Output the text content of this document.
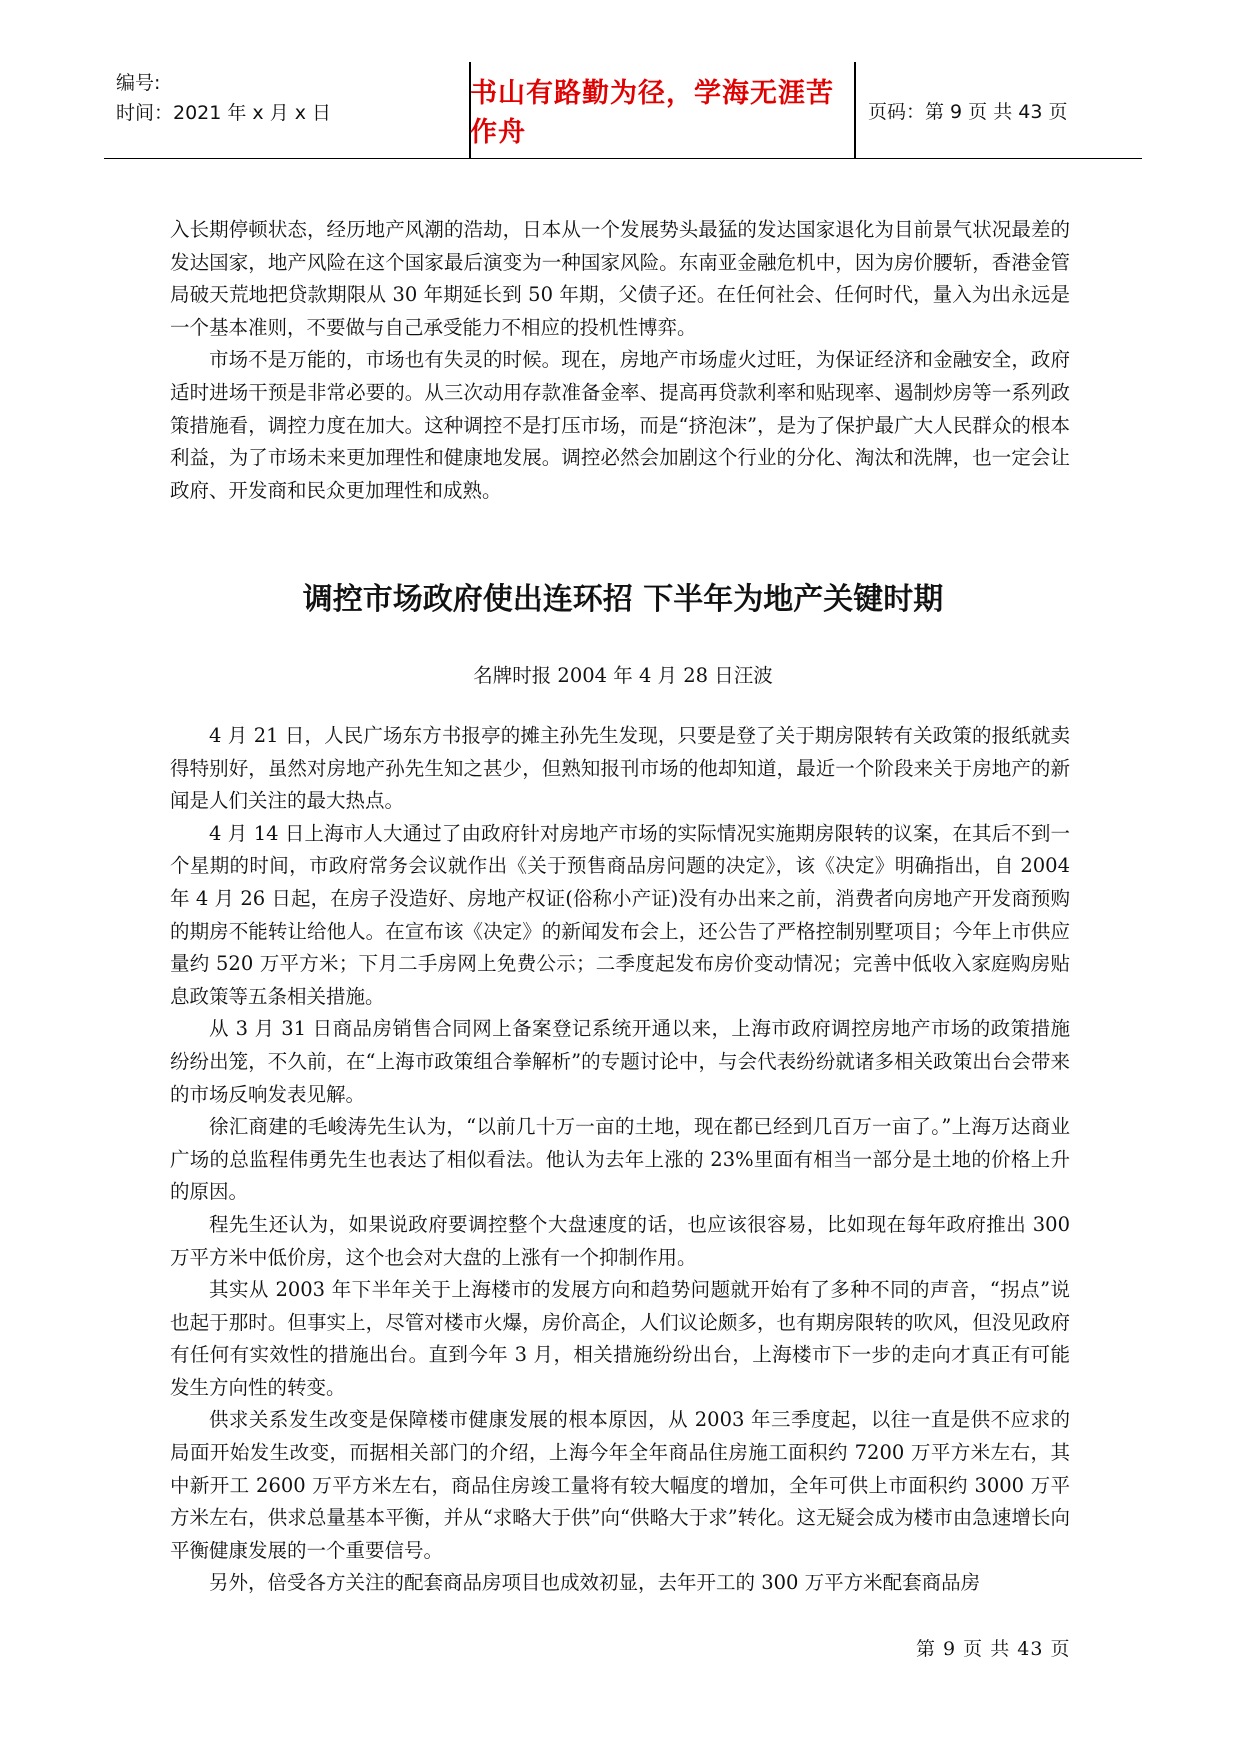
编号:
时间：2021 年 x 月 x 日
书山有路勤为径，学海无涯苦作舟
页码：第 9 页 共 43 页

入长期停顿状态，经历地产风潮的浩劫，日本从一个发展势头最猛的发达国家退化为目前景气状况最差的发达国家，地产风险在这个国家最后演变为一种国家风险。东南亚金融危机中，因为房价腰斩，香港金管局破天荒地把贷款期限从 30 年期延长到 50 年期，父债子还。在任何社会、任何时代，量入为出永远是一个基本准则，不要做与自己承受能力不相应的投机性博弈。

市场不是万能的，市场也有失灵的时候。现在，房地产市场虚火过旺，为保证经济和金融安全，政府适时进场干预是非常必要的。从三次动用存款准备金率、提高再贷款利率和贴现率、遏制炒房等一系列政策措施看，调控力度在加大。这种调控不是打压市场，而是“挤泡沫”，是为了保护最广大人民群众的根本利益，为了市场未来更加理性和健康地发展。调控必然会加剧这个行业的分化、淘汰和洗牌，也一定会让政府、开发商和民众更加理性和成熟。

调控市场政府使出连环招 下半年为地产关键时期
名牌时报 2004 年 4 月 28 日汪波

4 月 21 日，人民广场东方书报亭的摊主孙先生发现，只要是登了关于期房限转有关政策的报纸就卖得特别好，虽然对房地产孙先生知之甚少，但熟知报刊市场的他却知道，最近一个阶段来关于房地产的新闻是人们关注的最大热点。

4 月 14 日上海市人大通过了由政府针对房地产市场的实际情况实施期房限转的议案，在其后不到一个星期的时间，市政府常务会议就作出《关于预售商品房问题的决定》，该《决定》明确指出，自 2004 年 4 月 26 日起，在房子没造好、房地产权证(俗称小产证)没有办出来之前，消费者向房地产开发商预购的期房不能转让给他人。在宣布该《决定》的新闻发布会上，还公告了严格控制别墅项目；今年上市供应量约 520 万平方米；下月二手房网上免费公示；二季度起发布房价变动情况；完善中低收入家庭购房贴息政策等五条相关措施。

从 3 月 31 日商品房销售合同网上备案登记系统开通以来，上海市政府调控房地产市场的政策措施纷纷出笼，不久前，在“上海市政策组合拳解析”的专题讨论中，与会代表纷纷就诸多相关政策出台会带来的市场反响发表见解。

徐汇商建的毛峻涛先生认为，“以前几十万一亩的土地，现在都已经到几百万一亩了。”上海万达商业广场的总监程伟勇先生也表达了相似看法。他认为去年上涨的 23%里面有相当一部分是土地的价格上升的原因。

程先生还认为，如果说政府要调控整个大盘速度的话，也应该很容易，比如现在每年政府推出 300 万平方米中低价房，这个也会对大盘的上涨有一个抑制作用。

其实从 2003 年下半年关于上海楼市的发展方向和趋势问题就开始有了多种不同的声音，“拐点”说也起于那时。但事实上，尽管对楼市火爆，房价高企，人们议论颇多，也有期房限转的吹风，但没见政府有任何有实效性的措施出台。直到今年 3 月，相关措施纷纷出台，上海楼市下一步的走向才真正有可能发生方向性的转变。

供求关系发生改变是保障楼市健康发展的根本原因，从 2003 年三季度起，以往一直是供不应求的局面开始发生改变，而据相关部门的介绍，上海今年全年商品住房施工面积约 7200 万平方米左右，其中新开工 2600 万平方米左右，商品住房竣工量将有较大幅度的增加，全年可供上市面积约 3000 万平方米左右，供求总量基本平衡，并从“求略大于供”向“供略大于求”转化。这无疑会成为楼市由急速增长向平衡健康发展的一个重要信号。

另外，倍受各方关注的配套商品房项目也成效初显，去年开工的 300 万平方米配套商品房

第 9 页 共 43 页
